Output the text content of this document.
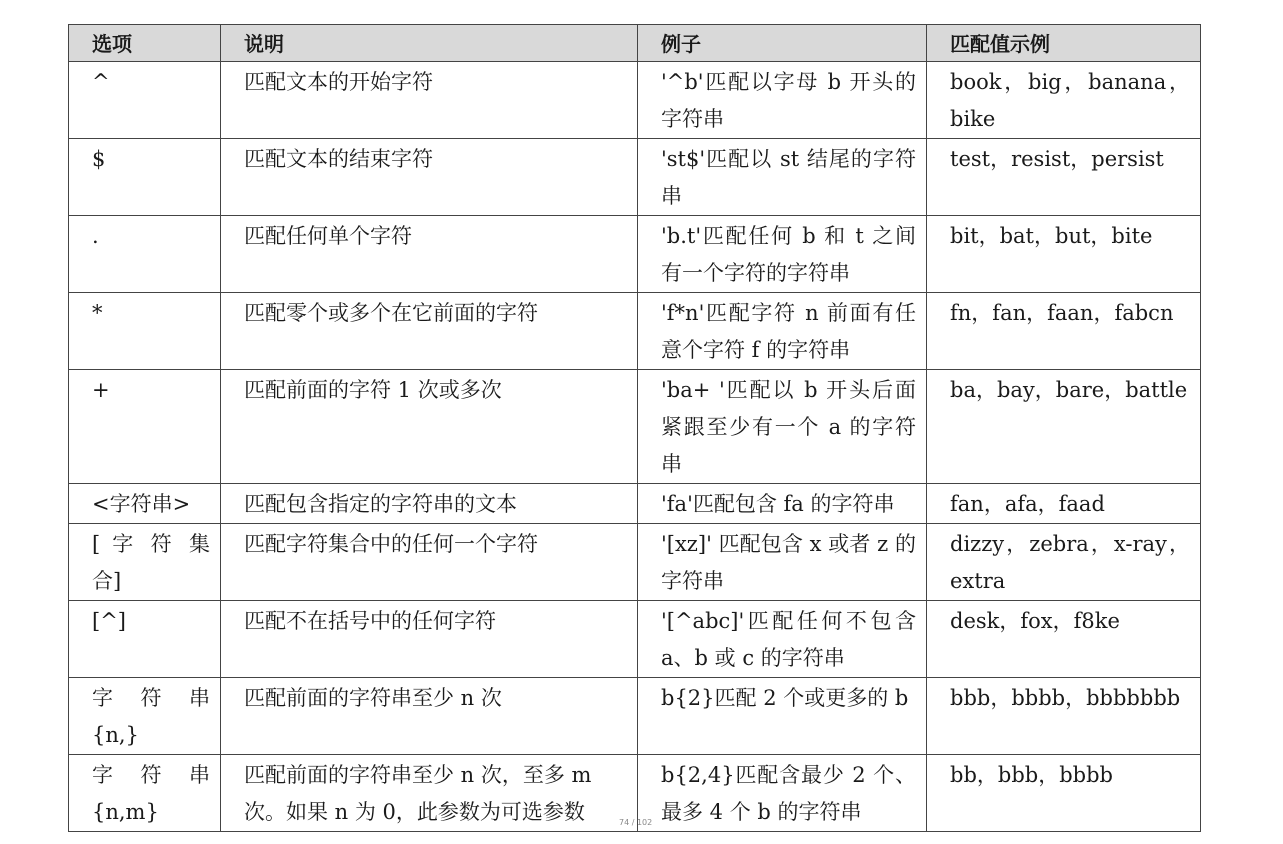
选项	说明	例子	匹配值示例
^	匹配文本的开始字符	'^b'匹配以字母 b 开头的字符串	book，big，banana，bike
$	匹配文本的结束字符	'st$'匹配以 st 结尾的字符串	test，resist，persist
.	匹配任何单个字符	'b.t'匹配任何 b 和 t 之间有一个字符的字符串	bit，bat，but，bite
*	匹配零个或多个在它前面的字符	'f*n'匹配字符 n 前面有任意个字符 f 的字符串	fn，fan，faan，fabcn
+	匹配前面的字符 1 次或多次	'ba+ '匹配以 b 开头后面紧跟至少有一个 a 的字符串	ba，bay，bare，battle
<字符串>	匹配包含指定的字符串的文本	'fa'匹配包含 fa 的字符串	fan，afa，faad
[ 字 符 集 合]	匹配字符集合中的任何一个字符	'[xz]' 匹配包含 x 或者 z 的字符串	dizzy，zebra，x-ray，extra
[^]	匹配不在括号中的任何字符	'[^abc]'匹配任何不包含 a、b 或 c 的字符串	desk，fox，f8ke
字 符 串 {n,}	匹配前面的字符串至少 n 次	b{2}匹配 2 个或更多的 b	bbb，bbbb，bbbbbbb
字 符 串 {n,m}	匹配前面的字符串至少 n 次，至多 m 次。如果 n 为 0，此参数为可选参数	b{2,4}匹配含最少 2 个、最多 4 个 b 的字符串	bb，bbb，bbbb
74 / 102
